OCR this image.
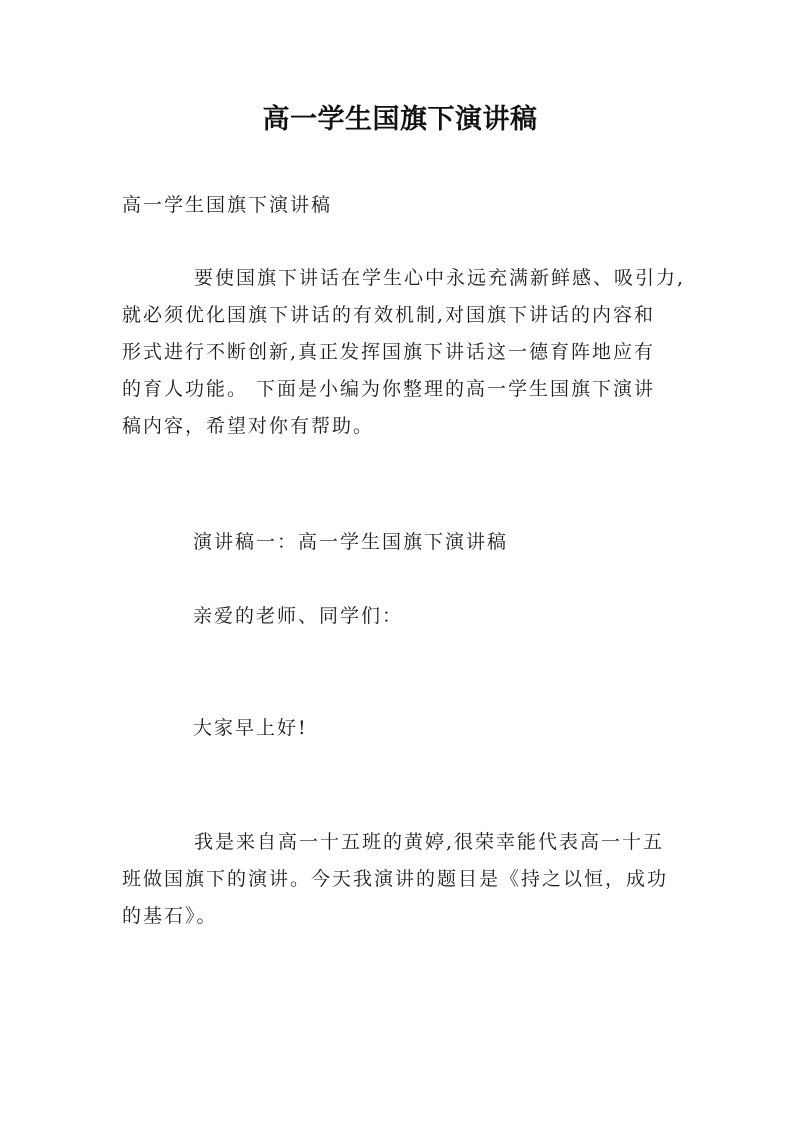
高一学生国旗下演讲稿
高一学生国旗下演讲稿
要使国旗下讲话在学生心中永远充满新鲜感、吸引力,
就必须优化国旗下讲话的有效机制,对国旗下讲话的内容和
形式进行不断创新,真正发挥国旗下讲话这一德育阵地应有
的育人功能。 下面是小编为你整理的高一学生国旗下演讲
稿内容，希望对你有帮助。
演讲稿一：高一学生国旗下演讲稿
亲爱的老师、同学们：
大家早上好!
我是来自高一十五班的黄婷,很荣幸能代表高一十五
班做国旗下的演讲。今天我演讲的题目是《持之以恒，成功
的基石》。
